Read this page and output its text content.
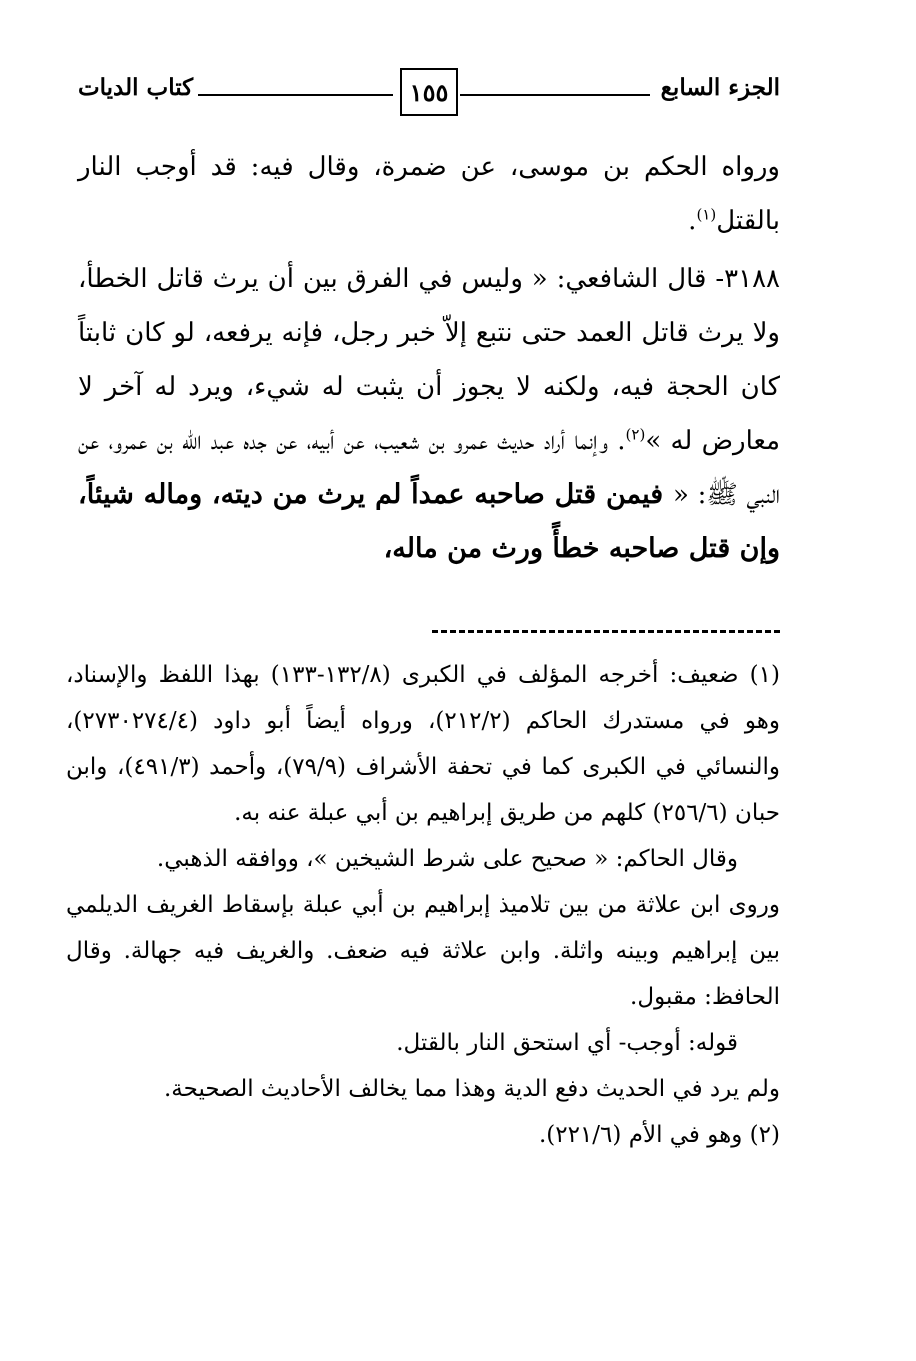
الجزء السابع
١٥٥
كتاب الديات

ورواه الحكم بن موسى، عن ضمرة، وقال فيه: قد أوجب النار بالقتل$^{(١)}$.

٣١٨٨- قال الشافعي: « وليس في الفرق بين أن يرث قاتل الخطأ، ولا يرث قاتل العمد حتى نتبع إلاّ خبر رجل، فإنه يرفعه، لو كان ثابتاً كان الحجة فيه، ولكنه لا يجوز أن يثبت له شيء، ويرد له آخر لا معارض له »$^{(٢)}$. وإنما أراد حديث عمرو بن شعيب، عن أبيه، عن جده عبد الله بن عمرو، عن النبي ﷺ: « فيمن قتل صاحبه عمداً لم يرث من ديته، وماله شيئاً، وإن قتل صاحبه خطأً ورث من ماله،

(١) ضعيف: أخرجه المؤلف في الكبرى (١٣٢/٨-١٣٣) بهذا اللفظ والإسناد، وهو في مستدرك الحاكم (٢١٢/٢)، ورواه أيضاً أبو داود (٢٧٣٠٢٧٤/٤)، والنسائي في الكبرى كما في تحفة الأشراف (٧٩/٩)، وأحمد (٤٩١/٣)، وابن حبان (٢٥٦/٦) كلهم من طريق إبراهيم بن أبي عبلة عنه به.

وقال الحاكم: « صحيح على شرط الشيخين »، ووافقه الذهبي.

وروى ابن علاثة من بين تلاميذ إبراهيم بن أبي عبلة بإسقاط الغريف الديلمي بين إبراهيم وبينه واثلة. وابن علاثة فيه ضعف. والغريف فيه جهالة. وقال الحافظ: مقبول.

قوله: أوجب- أي استحق النار بالقتل.

ولم يرد في الحديث دفع الدية وهذا مما يخالف الأحاديث الصحيحة.

(٢) وهو في الأم (٢٢١/٦).
